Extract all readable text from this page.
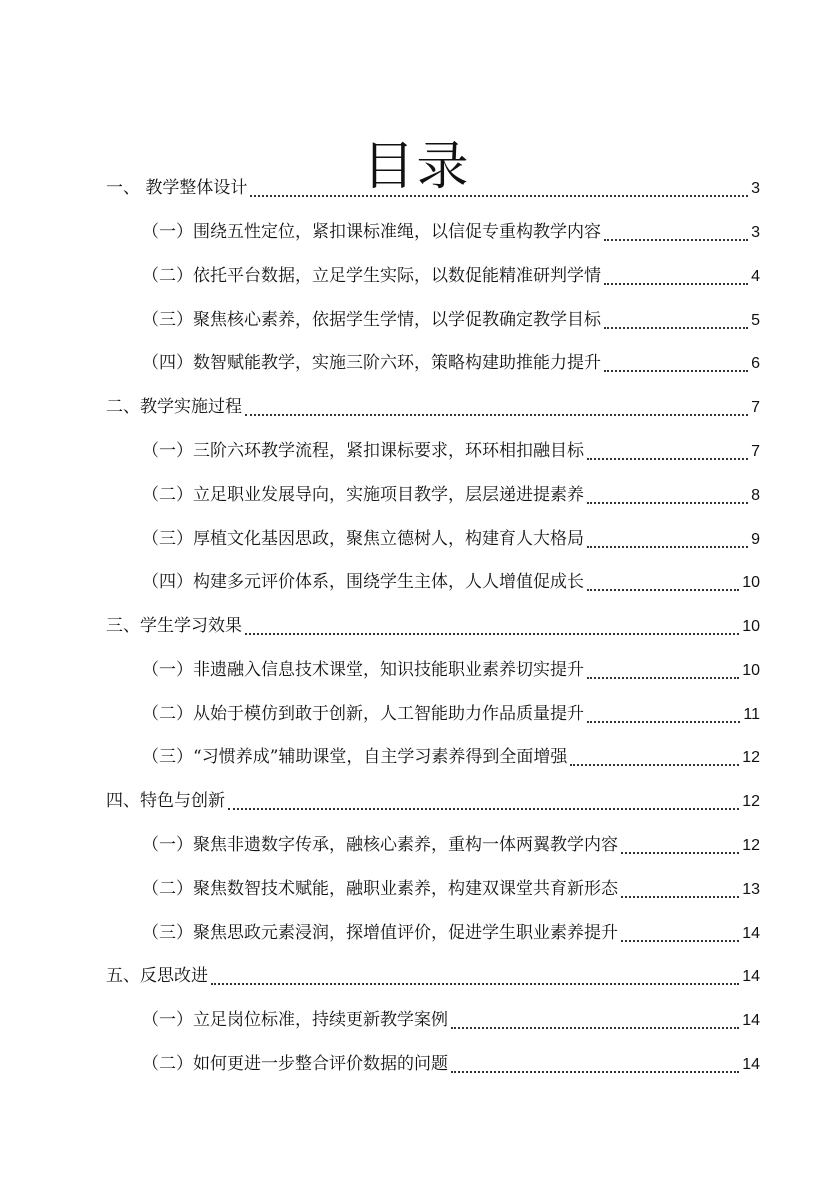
目录
一、 教学整体设计	3
（一）围绕五性定位，紧扣课标准绳，以信促专重构教学内容	3
（二）依托平台数据，立足学生实际，以数促能精准研判学情	4
（三）聚焦核心素养，依据学生学情，以学促教确定教学目标	5
（四）数智赋能教学，实施三阶六环，策略构建助推能力提升	6
二、教学实施过程	7
（一）三阶六环教学流程，紧扣课标要求，环环相扣融目标	7
（二）立足职业发展导向，实施项目教学，层层递进提素养	8
（三）厚植文化基因思政，聚焦立德树人，构建育人大格局	9
（四）构建多元评价体系，围绕学生主体，人人增值促成长	10
三、学生学习效果	10
（一）非遗融入信息技术课堂，知识技能职业素养切实提升	10
（二）从始于模仿到敢于创新，人工智能助力作品质量提升	11
（三）“习惯养成”辅助课堂，自主学习素养得到全面增强	12
四、特色与创新	12
（一）聚焦非遗数字传承，融核心素养，重构一体两翼教学内容	12
（二）聚焦数智技术赋能，融职业素养，构建双课堂共育新形态	13
（三）聚焦思政元素浸润，探增值评价，促进学生职业素养提升	14
五、反思改进	14
（一）立足岗位标准，持续更新教学案例	14
（二）如何更进一步整合评价数据的问题	14
